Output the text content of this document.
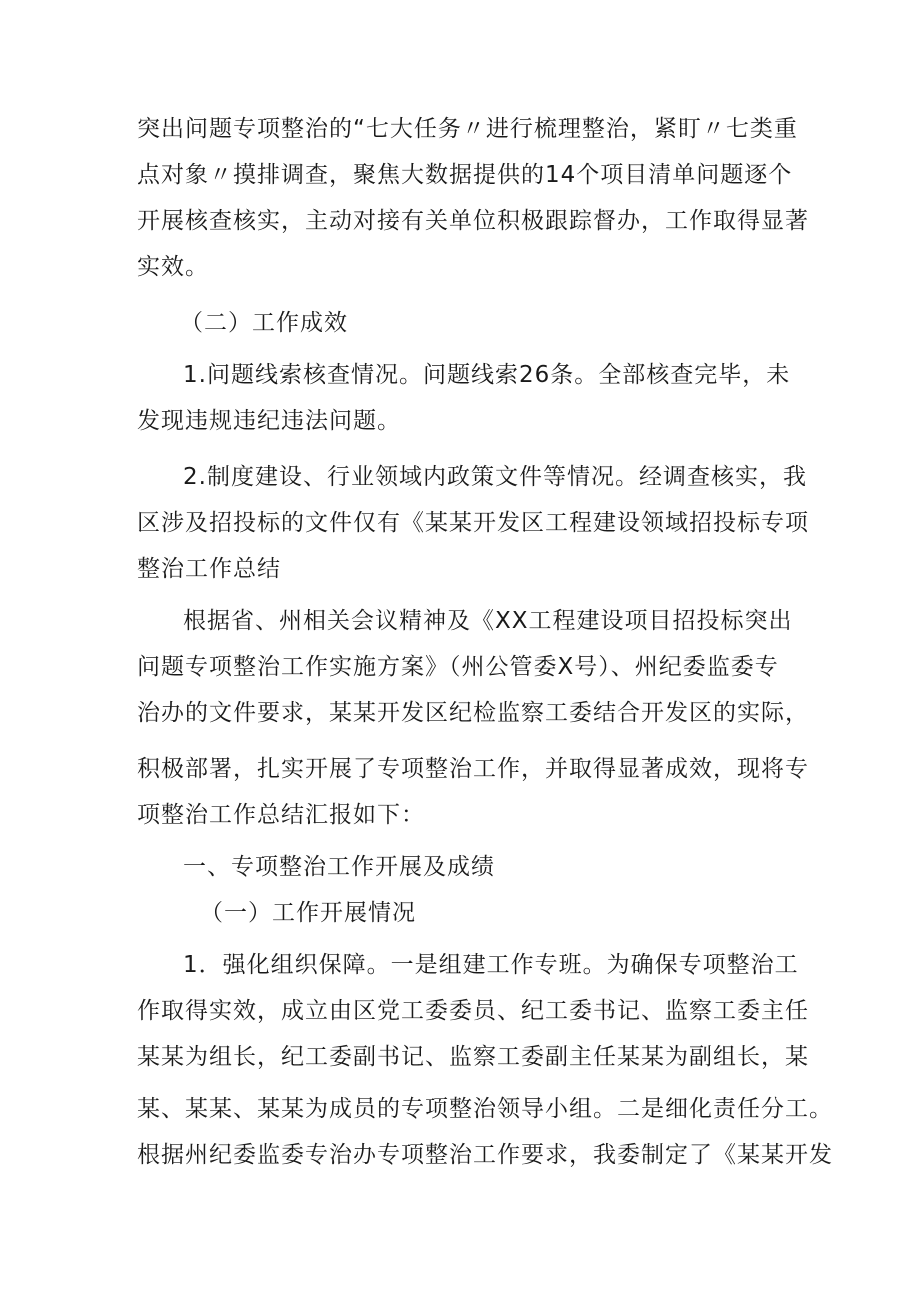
突出问题专项整治的“七大任务〃进行梳理整治，紧盯〃七类重
点对象〃摸排调查，聚焦大数据提供的14个项目清单问题逐个
开展核查核实，主动对接有关单位积极跟踪督办，工作取得显著
实效。
（二）工作成效
1.问题线索核查情况。问题线索26条。全部核查完毕，未
发现违规违纪违法问题。
2.制度建设、行业领域内政策文件等情况。经调查核实，我
区涉及招投标的文件仅有《某某开发区工程建设领域招投标专项
整治工作总结
根据省、州相关会议精神及《XX工程建设项目招投标突出
问题专项整治工作实施方案》（州公管委X号）、州纪委监委专
治办的文件要求，某某开发区纪检监察工委结合开发区的实际，
积极部署，扎实开展了专项整治工作，并取得显著成效，现将专
项整治工作总结汇报如下：
一、专项整治工作开展及成绩
（一）工作开展情况
1．强化组织保障。一是组建工作专班。为确保专项整治工
作取得实效，成立由区党工委委员、纪工委书记、监察工委主任
某某为组长，纪工委副书记、监察工委副主任某某为副组长，某
某、某某、某某为成员的专项整治领导小组。二是细化责任分工。
根据州纪委监委专治办专项整治工作要求，我委制定了《某某开发
